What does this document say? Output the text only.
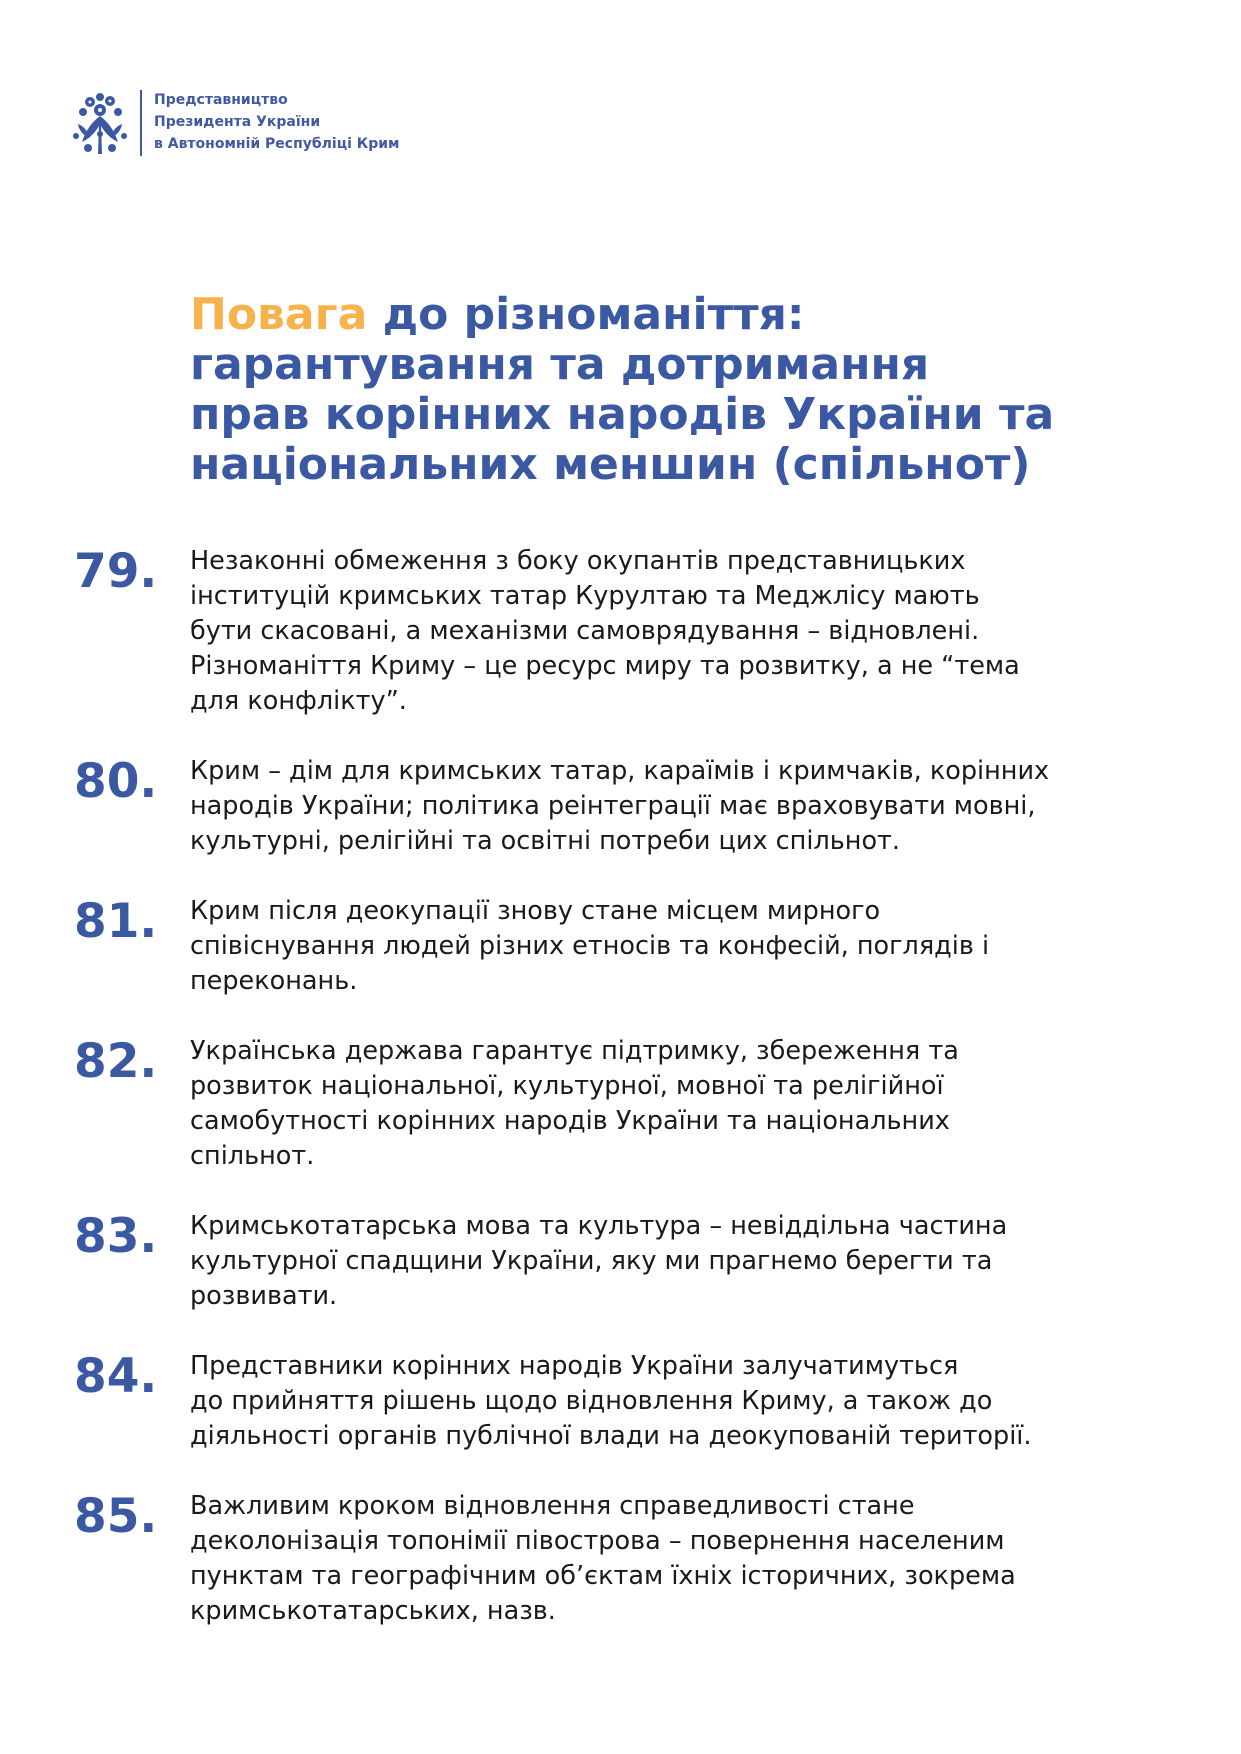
Представництво
Президента України
в Автономній Республіці Крим
Повага до різноманіття:
гарантування та дотримання
прав корінних народів України та
національних меншин (спільнот)
79.	Незаконні обмеження з боку окупантів представницьких
інституцій кримських татар Курултаю та Меджлісу мають
бути скасовані, а механізми самоврядування – відновлені.
Різноманіття Криму – це ресурс миру та розвитку, а не “тема
для конфлікту”.
80.	Крим – дім для кримських татар, караїмів і кримчаків, корінних
народів України; політика реінтеграції має враховувати мовні,
культурні, релігійні та освітні потреби цих спільнот.
81.	Крим після деокупації знову стане місцем мирного
співіснування людей різних етносів та конфесій, поглядів і
переконань.
82.	Українська держава гарантує підтримку, збереження та
розвиток національної, культурної, мовної та релігійної
самобутності корінних народів України та національних
спільнот.
83.	Кримськотатарська мова та культура – невіддільна частина
культурної спадщини України, яку ми прагнемо берегти та
розвивати.
84.	Представники корінних народів України залучатимуться
до прийняття рішень щодо відновлення Криму, а також до
діяльності органів публічної влади на деокупованій території.
85.	Важливим кроком відновлення справедливості стане
деколонізація топонімії півострова – повернення населеним
пунктам та географічним об’єктам їхніх історичних, зокрема
кримськотатарських, назв.
